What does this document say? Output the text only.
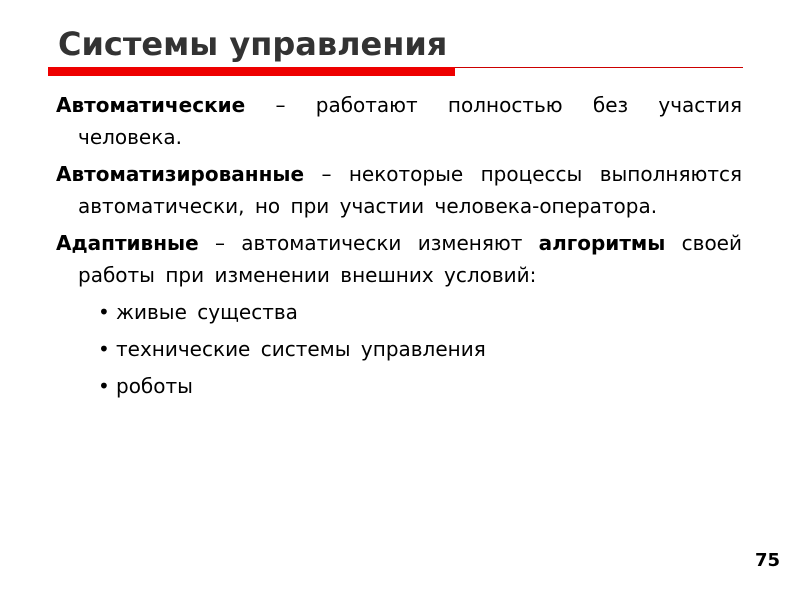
Системы управления

Автоматические – работают полностью без участия человека.

Автоматизированные – некоторые процессы выполняются автоматически, но при участии человека-оператора.

Адаптивные – автоматически изменяют алгоритмы своей работы при изменении внешних условий:

• живые существа
• технические системы управления
• роботы
75
